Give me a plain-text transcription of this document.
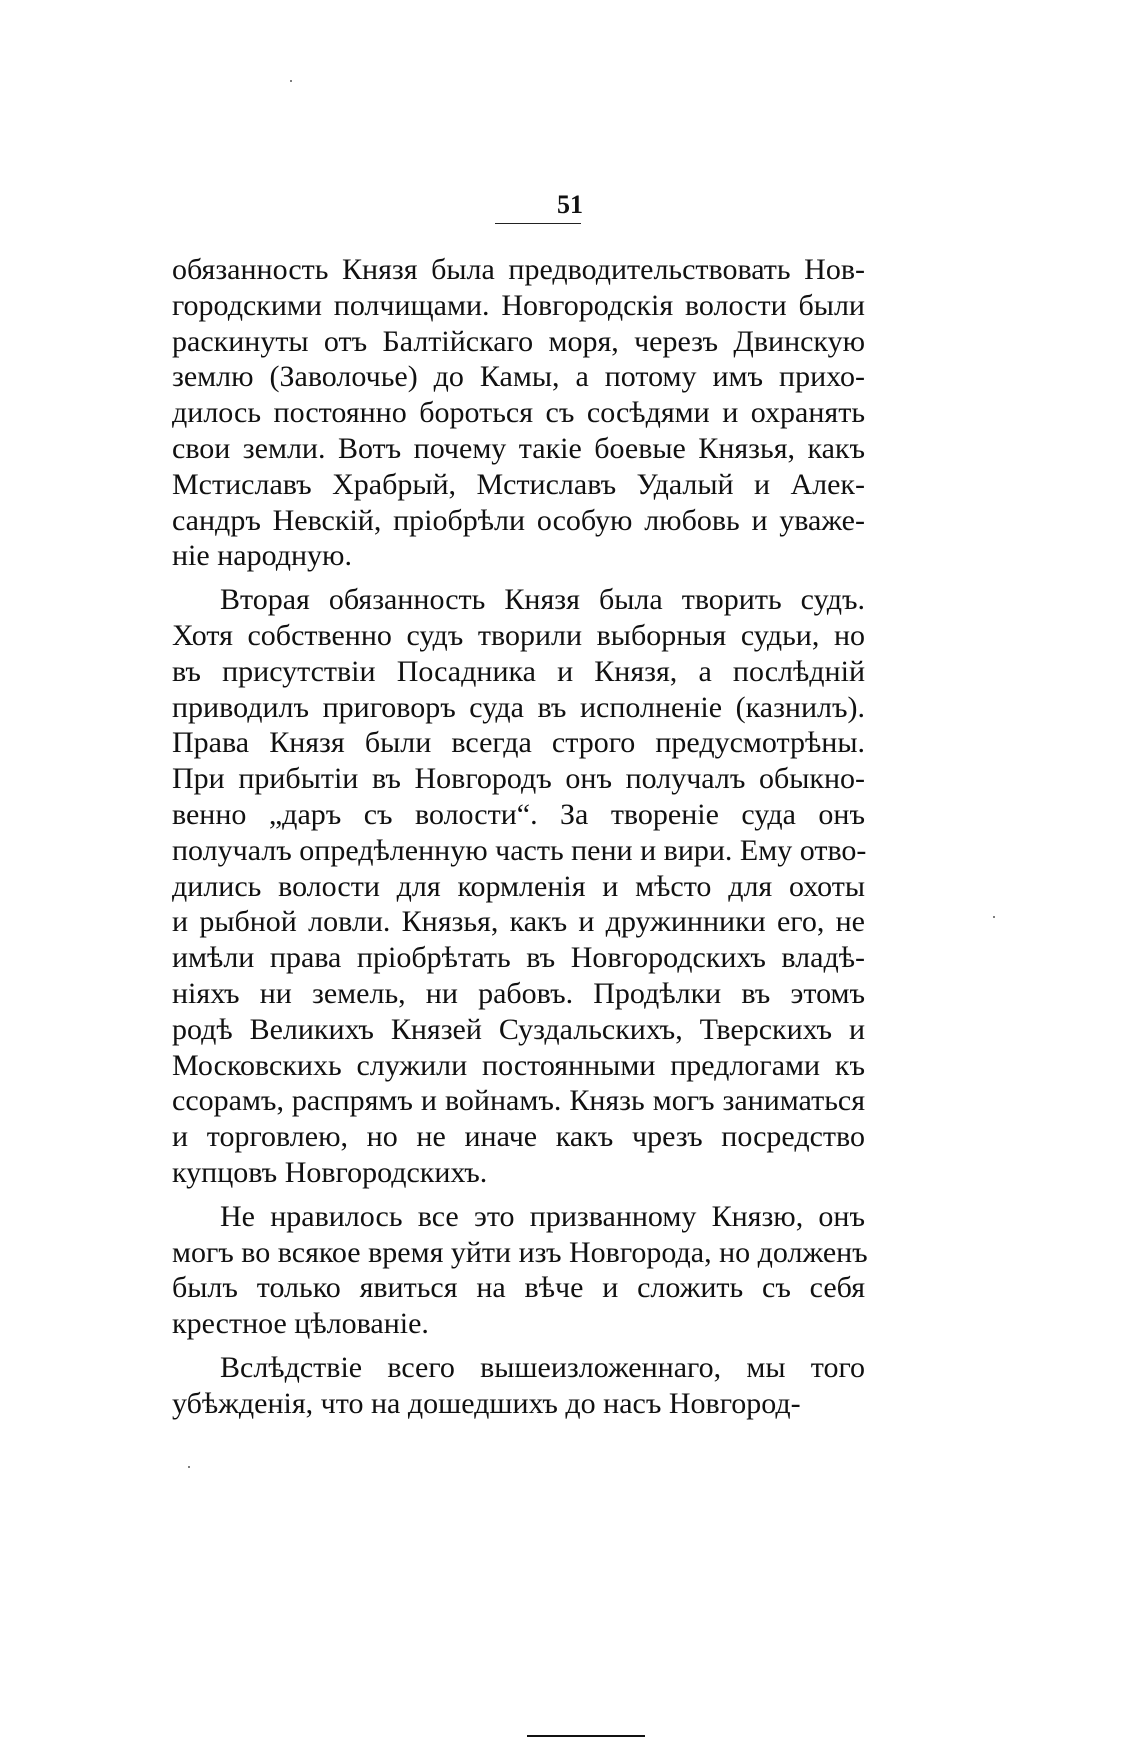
51
обязанность Князя была предводительствовать Нов-
городскими полчищами. Новгородскія волости были
раскинуты отъ Балтійскаго моря, черезъ Двинскую
землю (Заволочье) до Камы, а потому имъ прихо-
дилось постоянно бороться съ сосѣдями и охранять
свои земли. Вотъ почему такіе боевые Князья, какъ
Мстиславъ Храбрый, Мстиславъ Удалый и Алек-
сандръ Невскій, пріобрѣли особую любовь и уваже-
ніе народную.
Вторая обязанность Князя была творить судъ.
Хотя собственно судъ творили выборныя судьи, но
въ присутствіи Посадника и Князя, а послѣдній
приводилъ приговоръ суда въ исполненіе (казнилъ).
Права Князя были всегда строго предусмотрѣны.
При прибытіи въ Новгородъ онъ получалъ обыкно-
венно „даръ съ волости“. За твореніе суда онъ
получалъ опредѣленную часть пени и вири. Ему отво-
дились волости для кормленія и мѣсто для охоты
и рыбной ловли. Князья, какъ и дружинники его, не
имѣли права пріобрѣтать въ Новгородскихъ владѣ-
ніяхъ ни земель, ни рабовъ. Продѣлки въ этомъ
родѣ Великихъ Князей Суздальскихъ, Тверскихъ и
Московскихь служили постоянными предлогами къ
ссорамъ, распрямъ и войнамъ. Князь могъ заниматься
и торговлею, но не иначе какъ чрезъ посредство
купцовъ Новгородскихъ.
Не нравилось все это призванному Князю, онъ
могъ во всякое время уйти изъ Новгорода, но долженъ
былъ только явиться на вѣче и сложить съ себя
крестное цѣлованіе.
Вслѣдствіе всего вышеизложеннаго, мы того
убѣжденія, что на дошедшихъ до насъ Новгород-
